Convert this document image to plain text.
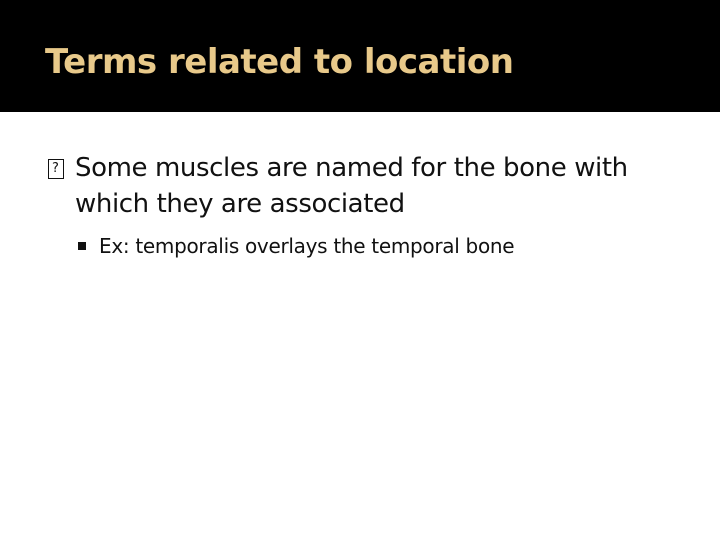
Terms related to location
Some muscles are named for the bone with which they are associated
Ex: temporalis overlays the temporal bone
